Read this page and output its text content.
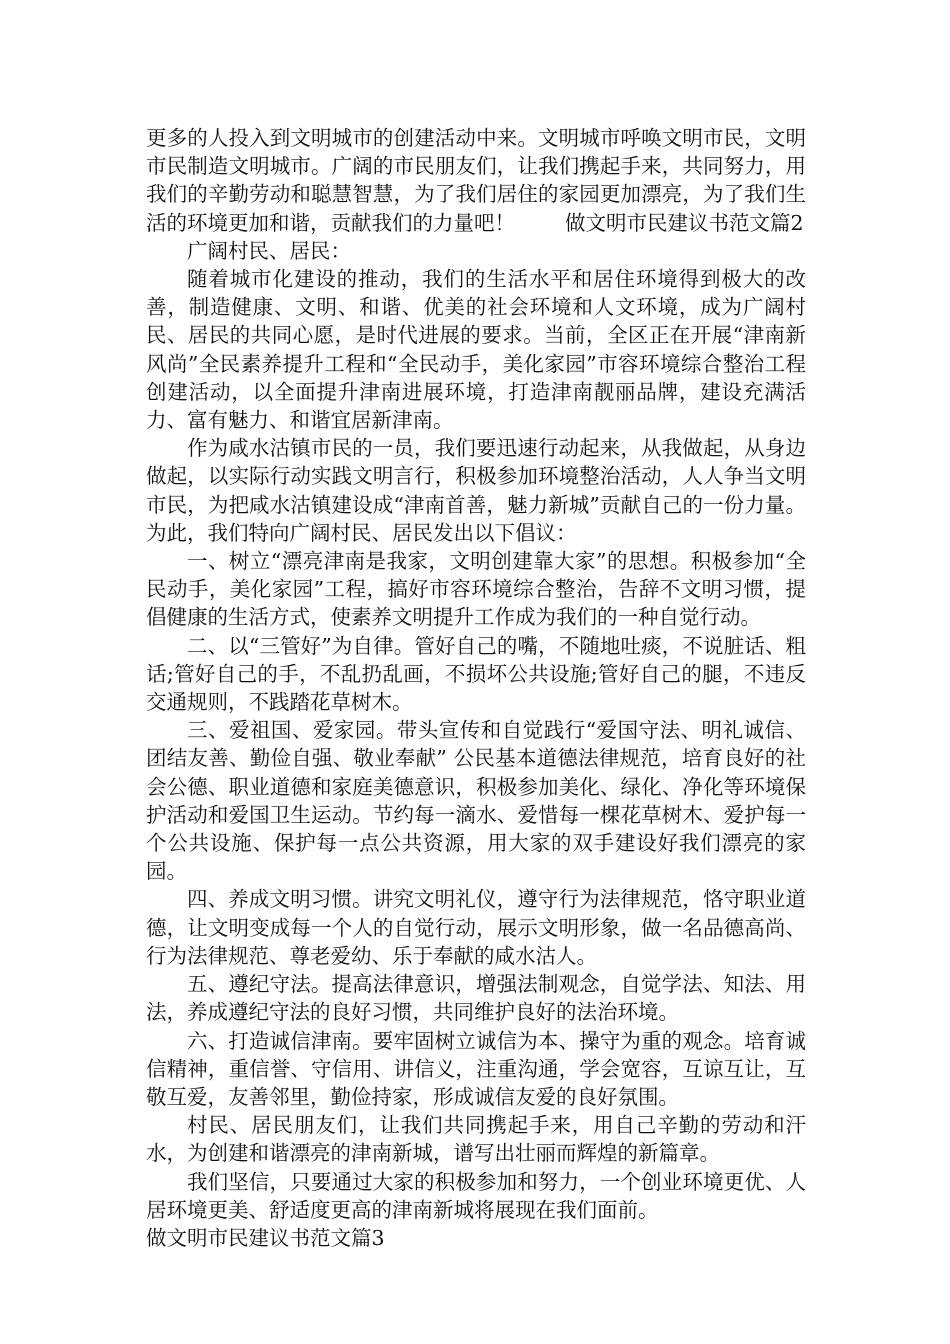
更多的人投入到文明城市的创建活动中来。文明城市呼唤文明市民，文明市民制造文明城市。广阔的市民朋友们，让我们携起手来，共同努力，用我们的辛勤劳动和聪慧智慧，为了我们居住的家园更加漂亮，为了我们生活的环境更加和谐，贡献我们的力量吧！ 做文明市民建议书范文篇2

广阔村民、居民：

随着城市化建设的推动，我们的生活水平和居住环境得到极大的改善，制造健康、文明、和谐、优美的社会环境和人文环境，成为广阔村民、居民的共同心愿，是时代进展的要求。当前，全区正在开展“津南新风尚”全民素养提升工程和“全民动手，美化家园”市容环境综合整治工程创建活动，以全面提升津南进展环境，打造津南靓丽品牌，建设充满活力、富有魅力、和谐宜居新津南。

作为咸水沽镇市民的一员，我们要迅速行动起来，从我做起，从身边做起，以实际行动实践文明言行，积极参加环境整治活动，人人争当文明市民，为把咸水沽镇建设成“津南首善，魅力新城”贡献自己的一份力量。为此，我们特向广阔村民、居民发出以下倡议：

一、树立“漂亮津南是我家，文明创建靠大家”的思想。积极参加“全民动手，美化家园”工程，搞好市容环境综合整治，告辞不文明习惯，提倡健康的生活方式，使素养文明提升工作成为我们的一种自觉行动。

二、以“三管好”为自律。管好自己的嘴，不随地吐痰，不说脏话、粗话;管好自己的手，不乱扔乱画，不损坏公共设施;管好自己的腿，不违反交通规则，不践踏花草树木。

三、爱祖国、爱家园。带头宣传和自觉践行“爱国守法、明礼诚信、团结友善、勤俭自强、敬业奉献” 公民基本道德法律规范，培育良好的社会公德、职业道德和家庭美德意识，积极参加美化、绿化、净化等环境保护活动和爱国卫生运动。节约每一滴水、爱惜每一棵花草树木、爱护每一个公共设施、保护每一点公共资源，用大家的双手建设好我们漂亮的家园。

四、养成文明习惯。讲究文明礼仪，遵守行为法律规范，恪守职业道德，让文明变成每一个人的自觉行动，展示文明形象，做一名品德高尚、行为法律规范、尊老爱幼、乐于奉献的咸水沽人。

五、遵纪守法。提高法律意识，增强法制观念，自觉学法、知法、用法，养成遵纪守法的良好习惯，共同维护良好的法治环境。

六、打造诚信津南。要牢固树立诚信为本、操守为重的观念。培育诚信精神，重信誉、守信用、讲信义，注重沟通，学会宽容，互谅互让，互敬互爱，友善邻里，勤俭持家，形成诚信友爱的良好氛围。

村民、居民朋友们，让我们共同携起手来，用自己辛勤的劳动和汗水，为创建和谐漂亮的津南新城，谱写出壮丽而辉煌的新篇章。

我们坚信，只要通过大家的积极参加和努力，一个创业环境更优、人居环境更美、舒适度更高的津南新城将展现在我们面前。

做文明市民建议书范文篇3
